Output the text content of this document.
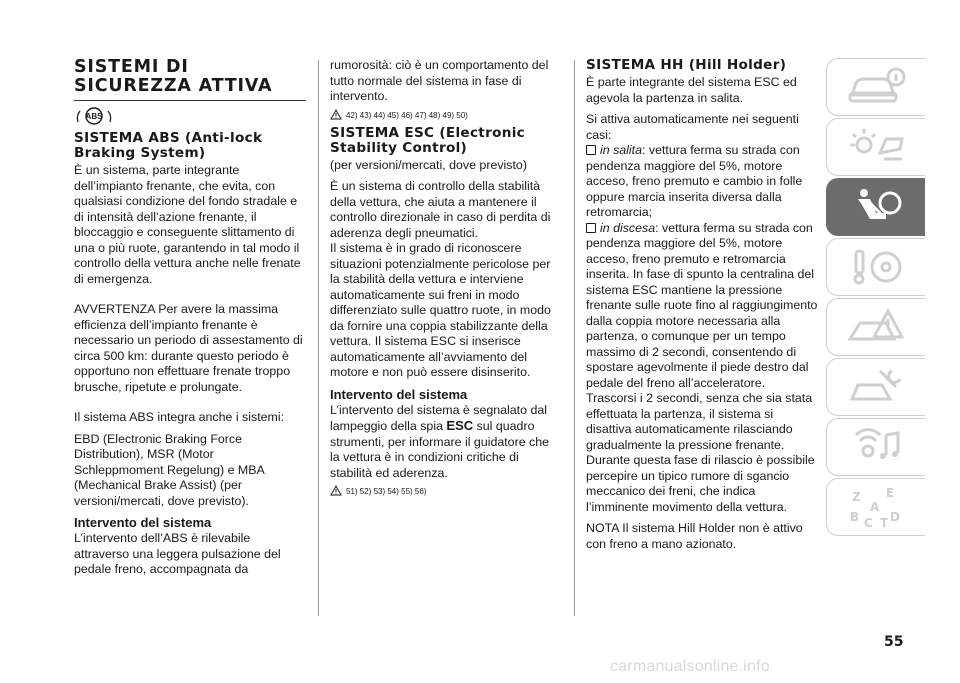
SISTEMI DI SICUREZZA ATTIVA
ABS
SISTEMA ABS (Anti-lock Braking System)

È un sistema, parte integrante dell’impianto frenante, che evita, con qualsiasi condizione del fondo stradale e di intensità dell’azione frenante, il bloccaggio e conseguente slittamento di una o più ruote, garantendo in tal modo il controllo della vettura anche nelle frenate di emergenza.

AVVERTENZA Per avere la massima efficienza dell’impianto frenante è necessario un periodo di assestamento di circa 500 km: durante questo periodo è opportuno non effettuare frenate troppo brusche, ripetute e prolungate.

Il sistema ABS integra anche i sistemi:

EBD (Electronic Braking Force Distribution), MSR (Motor Schleppmoment Regelung) e MBA (Mechanical Brake Assist) (per versioni/mercati, dove previsto).

Intervento del sistema

L’intervento dell’ABS è rilevabile attraverso una leggera pulsazione del pedale freno, accompagnata da

rumorosità: ciò è un comportamento del tutto normale del sistema in fase di intervento.

42) 43) 44) 45) 46) 47) 48) 49) 50)
SISTEMA ESC (Electronic Stability Control)

(per versioni/mercati, dove previsto)

È un sistema di controllo della stabilità della vettura, che aiuta a mantenere il controllo direzionale in caso di perdita di aderenza degli pneumatici.

Il sistema è in grado di riconoscere situazioni potenzialmente pericolose per la stabilità della vettura e interviene automaticamente sui freni in modo differenziato sulle quattro ruote, in modo da fornire una coppia stabilizzante della vettura. Il sistema ESC si inserisce automaticamente all’avviamento del motore e non può essere disinserito.

Intervento del sistema

L’intervento del sistema è segnalato dal lampeggio della spia ESC sul quadro strumenti, per informare il guidatore che la vettura è in condizioni critiche di stabilità ed aderenza.

51) 52) 53) 54) 55) 56)
SISTEMA HH (Hill Holder)

È parte integrante del sistema ESC ed agevola la partenza in salita.

Si attiva automaticamente nei seguenti casi:

in salita: vettura ferma su strada con pendenza maggiore del 5%, motore acceso, freno premuto e cambio in folle oppure marcia inserita diversa dalla retromarcia;

in discesa: vettura ferma su strada con pendenza maggiore del 5%, motore acceso, freno premuto e retromarcia inserita. In fase di spunto la centralina del sistema ESC mantiene la pressione frenante sulle ruote fino al raggiungimento dalla coppia motore necessaria alla partenza, o comunque per un tempo massimo di 2 secondi, consentendo di spostare agevolmente il piede destro dal pedale del freno all’acceleratore.

Trascorsi i 2 secondi, senza che sia stata effettuata la partenza, il sistema si disattiva automaticamente rilasciando gradualmente la pressione frenante. Durante questa fase di rilascio è possibile percepire un tipico rumore di sgancio meccanico dei freni, che indica l’imminente movimento della vettura.

NOTA Il sistema Hill Holder non è attivo con freno a mano azionato.

Z E
A
B C D
T
55
carmanualsonline.info
